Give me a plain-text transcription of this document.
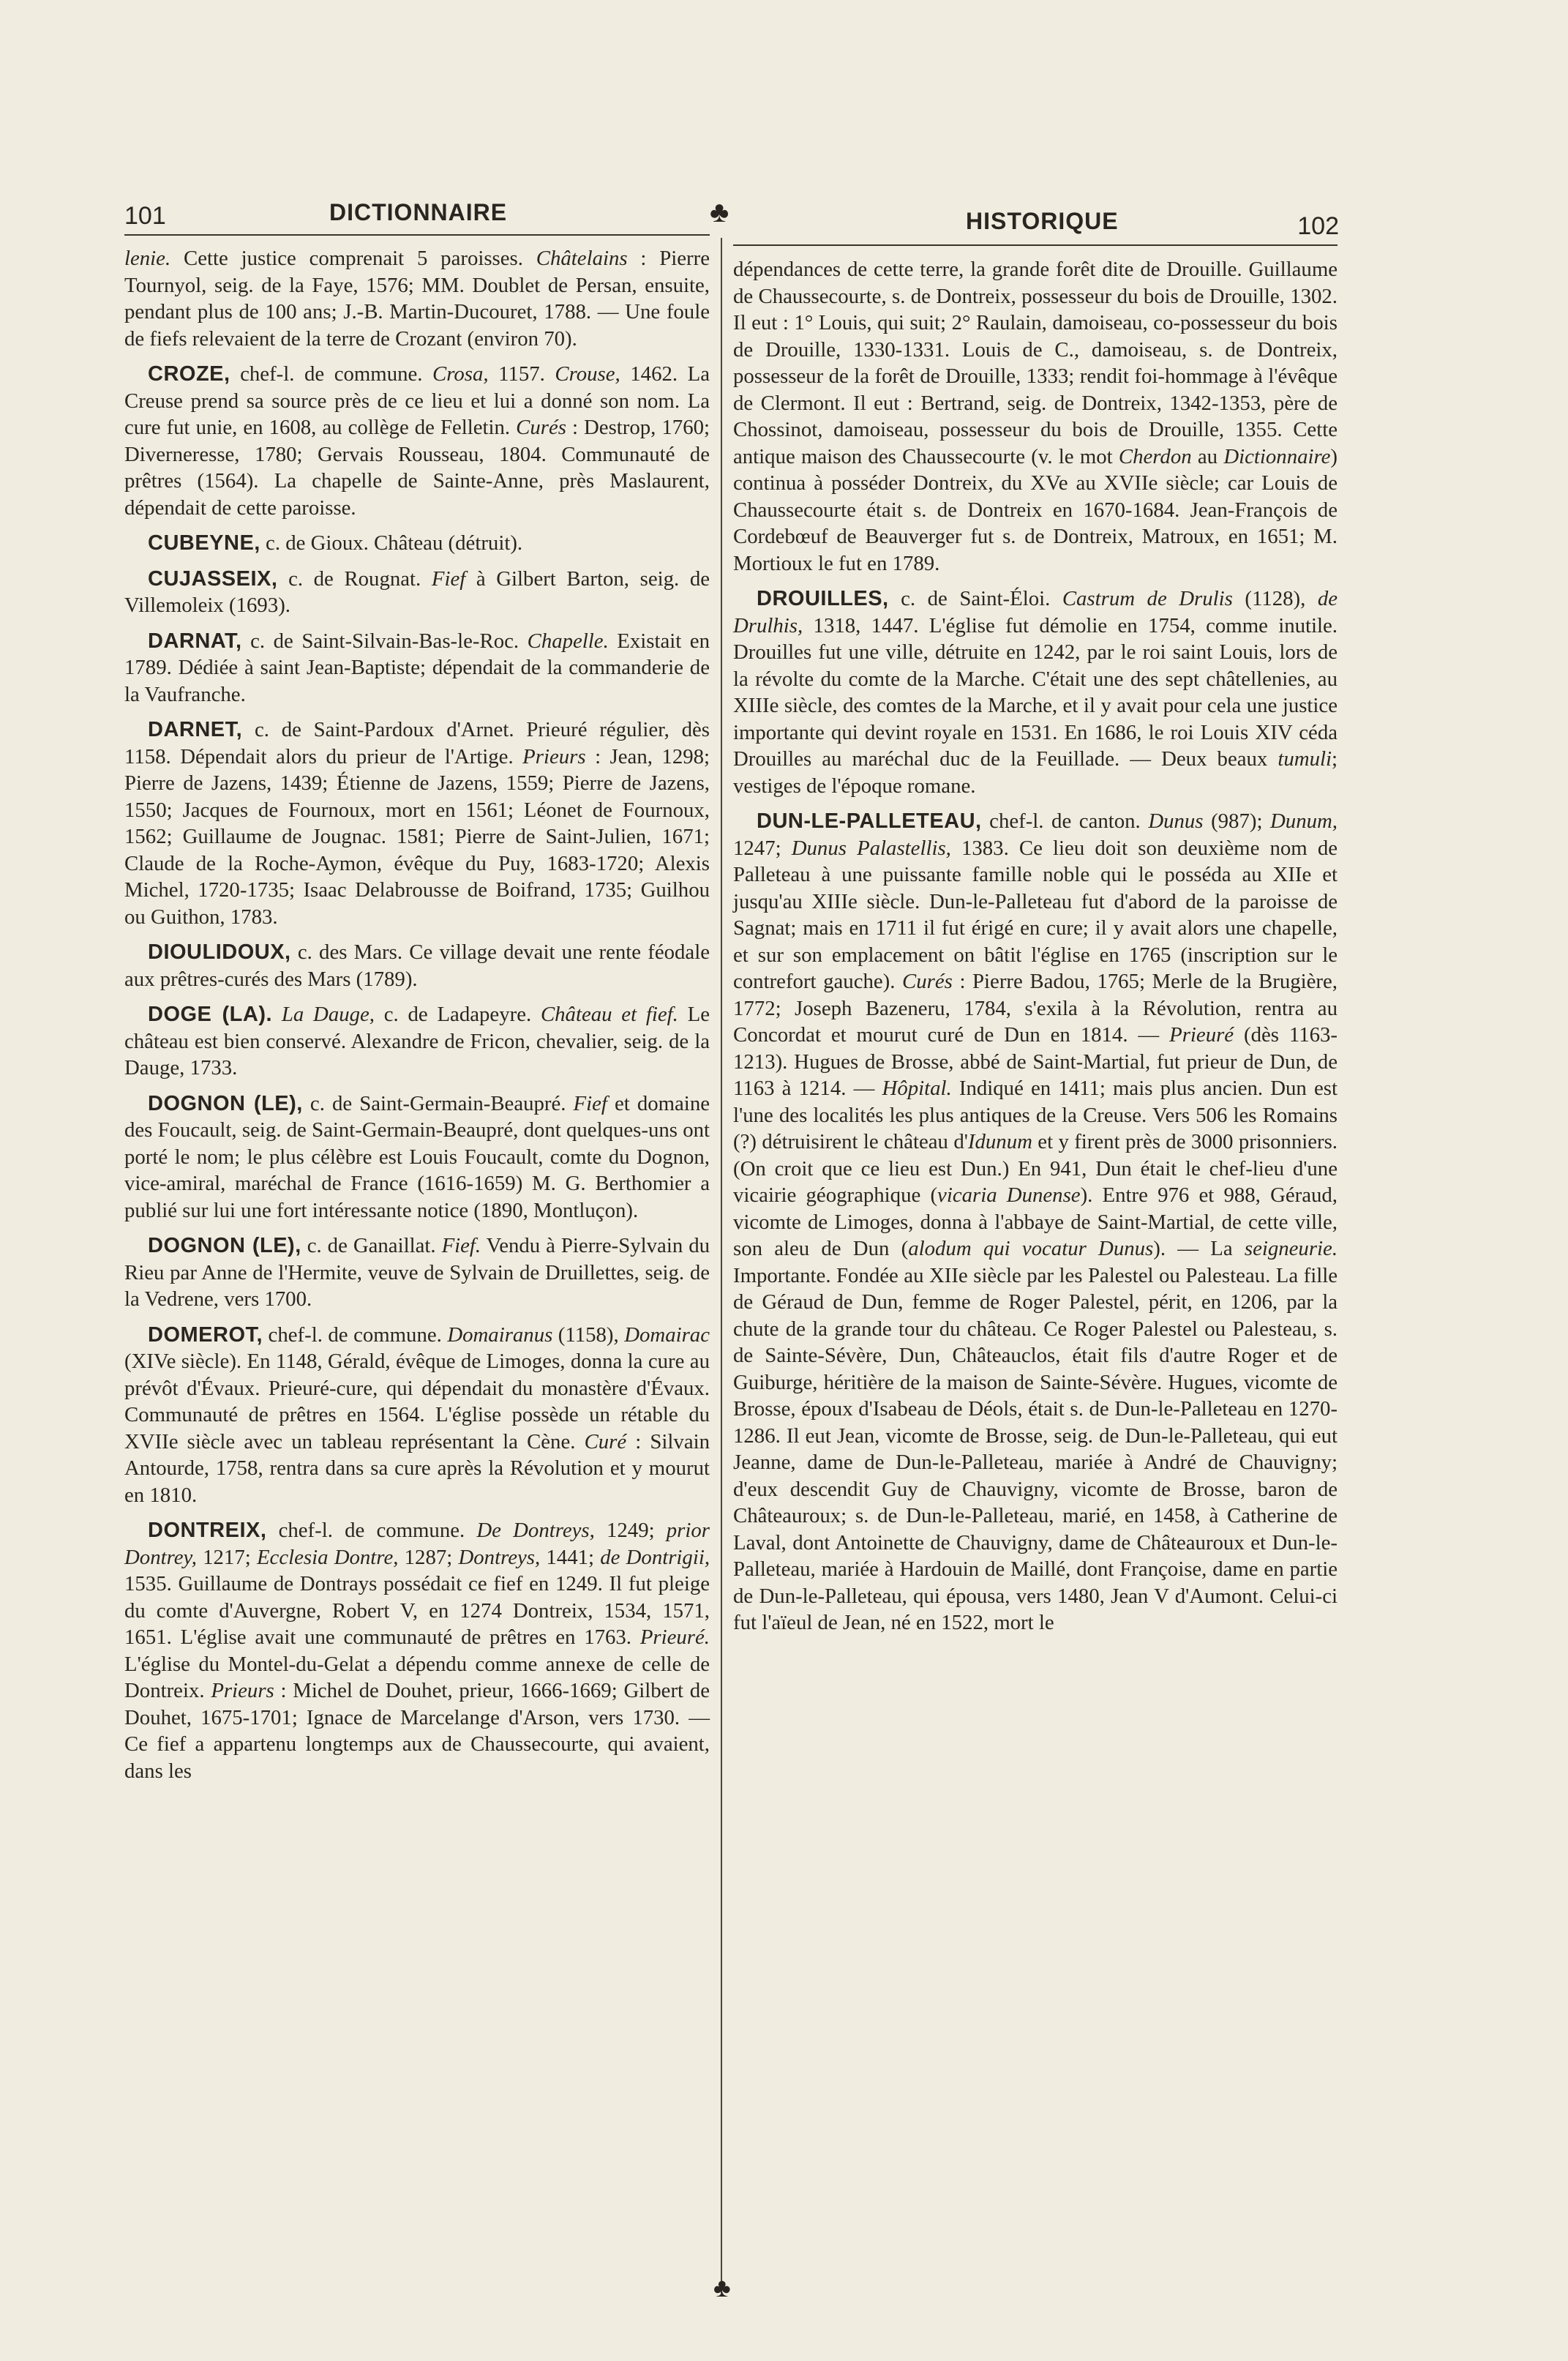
101	DICTIONNAIRE	♣	HISTORIQUE	102
♣

lenie. Cette justice comprenait 5 paroisses. Châtelains : Pierre Tournyol, seig. de la Faye, 1576; MM. Doublet de Persan, ensuite, pendant plus de 100 ans; J.-B. Martin-Ducouret, 1788. — Une foule de fiefs relevaient de la terre de Crozant (environ 70).

CROZE, chef-l. de commune. Crosa, 1157. Crouse, 1462. La Creuse prend sa source près de ce lieu et lui a donné son nom. La cure fut unie, en 1608, au collège de Felletin. Curés : Destrop, 1760; Diverneresse, 1780; Gervais Rousseau, 1804. Communauté de prêtres (1564). La chapelle de Sainte-Anne, près Maslaurent, dépendait de cette paroisse.

CUBEYNE, c. de Gioux. Château (détruit).

CUJASSEIX, c. de Rougnat. Fief à Gilbert Barton, seig. de Villemoleix (1693).

DARNAT, c. de Saint-Silvain-Bas-le-Roc. Chapelle. Existait en 1789. Dédiée à saint Jean-Baptiste; dépendait de la commanderie de la Vaufranche.

DARNET, c. de Saint-Pardoux d'Arnet. Prieuré régulier, dès 1158. Dépendait alors du prieur de l'Artige. Prieurs : Jean, 1298; Pierre de Jazens, 1439; Étienne de Jazens, 1559; Pierre de Jazens, 1550; Jacques de Fournoux, mort en 1561; Léonet de Fournoux, 1562; Guillaume de Jougnac. 1581; Pierre de Saint-Julien, 1671; Claude de la Roche-Aymon, évêque du Puy, 1683-1720; Alexis Michel, 1720-1735; Isaac Delabrousse de Boifrand, 1735; Guilhou ou Guithon, 1783.

DIOULIDOUX, c. des Mars. Ce village devait une rente féodale aux prêtres-curés des Mars (1789).

DOGE (LA). La Dauge, c. de Ladapeyre. Château et fief. Le château est bien conservé. Alexandre de Fricon, chevalier, seig. de la Dauge, 1733.

DOGNON (LE), c. de Saint-Germain-Beaupré. Fief et domaine des Foucault, seig. de Saint-Germain-Beaupré, dont quelques-uns ont porté le nom; le plus célèbre est Louis Foucault, comte du Dognon, vice-amiral, maréchal de France (1616-1659) M. G. Berthomier a publié sur lui une fort intéressante notice (1890, Montluçon).

DOGNON (LE), c. de Ganaillat. Fief. Vendu à Pierre-Sylvain du Rieu par Anne de l'Hermite, veuve de Sylvain de Druillettes, seig. de la Vedrene, vers 1700.

DOMEROT, chef-l. de commune. Domairanus (1158), Domairac (XIVe siècle). En 1148, Gérald, évêque de Limoges, donna la cure au prévôt d'Évaux. Prieuré-cure, qui dépendait du monastère d'Évaux. Communauté de prêtres en 1564. L'église possède un rétable du XVIIe siècle avec un tableau représentant la Cène. Curé : Silvain Antourde, 1758, rentra dans sa cure après la Révolution et y mourut en 1810.

DONTREIX, chef-l. de commune. De Dontreys, 1249; prior Dontrey, 1217; Ecclesia Dontre, 1287; Dontreys, 1441; de Dontrigii, 1535. Guillaume de Dontrays possédait ce fief en 1249. Il fut pleige du comte d'Auvergne, Robert V, en 1274 Dontreix, 1534, 1571, 1651. L'église avait une communauté de prêtres en 1763. Prieuré. L'église du Montel-du-Gelat a dépendu comme annexe de celle de Dontreix. Prieurs : Michel de Douhet, prieur, 1666-1669; Gilbert de Douhet, 1675-1701; Ignace de Marcelange d'Arson, vers 1730. — Ce fief a appartenu longtemps aux de Chaussecourte, qui avaient, dans les

dépendances de cette terre, la grande forêt dite de Drouille. Guillaume de Chaussecourte, s. de Dontreix, possesseur du bois de Drouille, 1302. Il eut : 1° Louis, qui suit; 2° Raulain, damoiseau, co-possesseur du bois de Drouille, 1330-1331. Louis de C., damoiseau, s. de Dontreix, possesseur de la forêt de Drouille, 1333; rendit foi-hommage à l'évêque de Clermont. Il eut : Bertrand, seig. de Dontreix, 1342-1353, père de Chossinot, damoiseau, possesseur du bois de Drouille, 1355. Cette antique maison des Chaussecourte (v. le mot Cherdon au Dictionnaire) continua à posséder Dontreix, du XVe au XVIIe siècle; car Louis de Chaussecourte était s. de Dontreix en 1670-1684. Jean-François de Cordebœuf de Beauverger fut s. de Dontreix, Matroux, en 1651; M. Mortioux le fut en 1789.

DROUILLES, c. de Saint-Éloi. Castrum de Drulis (1128), de Drulhis, 1318, 1447. L'église fut démolie en 1754, comme inutile. Drouilles fut une ville, détruite en 1242, par le roi saint Louis, lors de la révolte du comte de la Marche. C'était une des sept châtellenies, au XIIIe siècle, des comtes de la Marche, et il y avait pour cela une justice importante qui devint royale en 1531. En 1686, le roi Louis XIV céda Drouilles au maréchal duc de la Feuillade. — Deux beaux tumuli; vestiges de l'époque romane.

DUN-LE-PALLETEAU, chef-l. de canton. Dunus (987); Dunum, 1247; Dunus Palastellis, 1383. Ce lieu doit son deuxième nom de Palleteau à une puissante famille noble qui le posséda au XIIe et jusqu'au XIIIe siècle. Dun-le-Palleteau fut d'abord de la paroisse de Sagnat; mais en 1711 il fut érigé en cure; il y avait alors une chapelle, et sur son emplacement on bâtit l'église en 1765 (inscription sur le contrefort gauche). Curés : Pierre Badou, 1765; Merle de la Brugière, 1772; Joseph Bazeneru, 1784, s'exila à la Révolution, rentra au Concordat et mourut curé de Dun en 1814. — Prieuré (dès 1163-1213). Hugues de Brosse, abbé de Saint-Martial, fut prieur de Dun, de 1163 à 1214. — Hôpital. Indiqué en 1411; mais plus ancien. Dun est l'une des localités les plus antiques de la Creuse. Vers 506 les Romains (?) détruisirent le château d'Idunum et y firent près de 3000 prisonniers. (On croit que ce lieu est Dun.) En 941, Dun était le chef-lieu d'une vicairie géographique (vicaria Dunense). Entre 976 et 988, Géraud, vicomte de Limoges, donna à l'abbaye de Saint-Martial, de cette ville, son aleu de Dun (alodum qui vocatur Dunus). — La seigneurie. Importante. Fondée au XIIe siècle par les Palestel ou Palesteau. La fille de Géraud de Dun, femme de Roger Palestel, périt, en 1206, par la chute de la grande tour du château. Ce Roger Palestel ou Palesteau, s. de Sainte-Sévère, Dun, Châteauclos, était fils d'autre Roger et de Guiburge, héritière de la maison de Sainte-Sévère. Hugues, vicomte de Brosse, époux d'Isabeau de Déols, était s. de Dun-le-Palleteau en 1270-1286. Il eut Jean, vicomte de Brosse, seig. de Dun-le-Palleteau, qui eut Jeanne, dame de Dun-le-Palleteau, mariée à André de Chauvigny; d'eux descendit Guy de Chauvigny, vicomte de Brosse, baron de Châteauroux; s. de Dun-le-Palleteau, marié, en 1458, à Catherine de Laval, dont Antoinette de Chauvigny, dame de Châteauroux et Dun-le-Palleteau, mariée à Hardouin de Maillé, dont Françoise, dame en partie de Dun-le-Palleteau, qui épousa, vers 1480, Jean V d'Aumont. Celui-ci fut l'aïeul de Jean, né en 1522, mort le
